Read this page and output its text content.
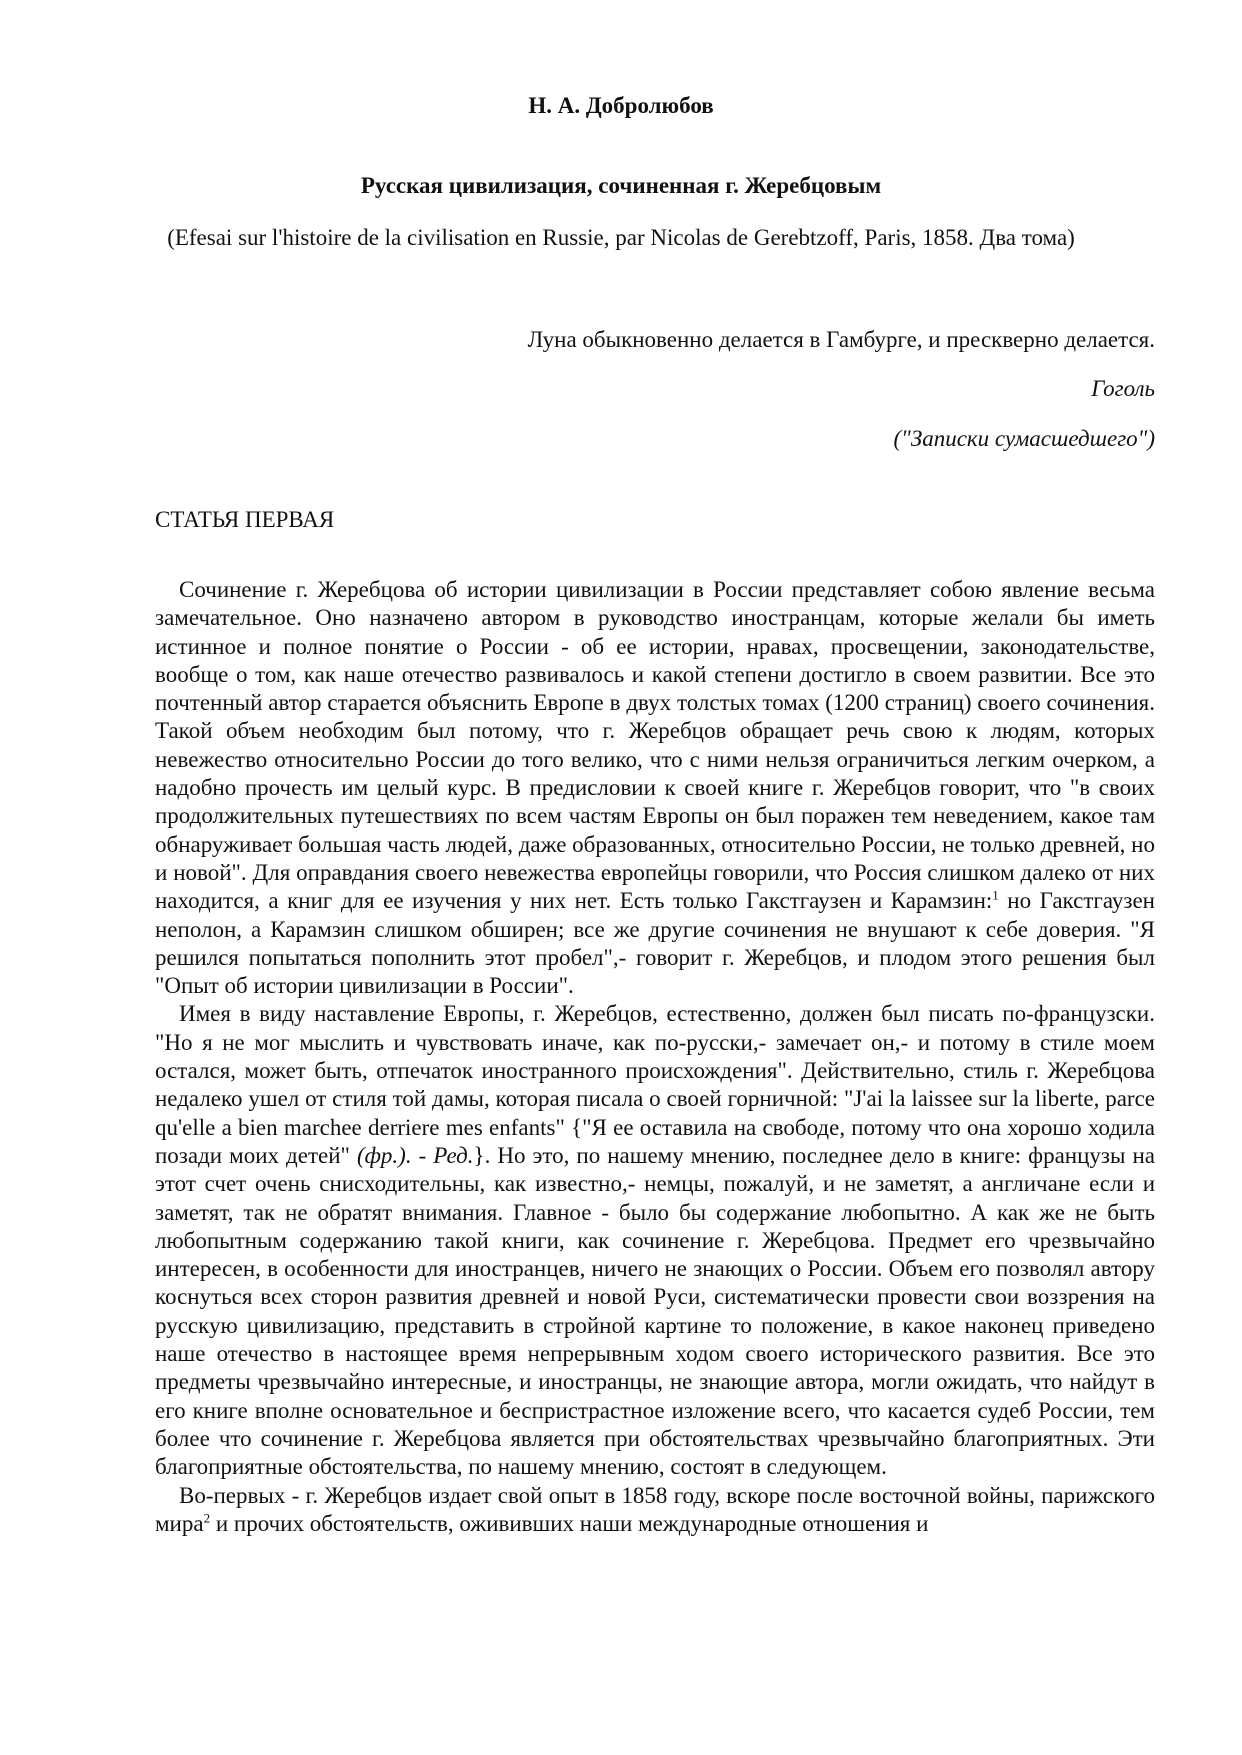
Н. А. Добролюбов

Русская цивилизация, сочиненная г. Жеребцовым

(Efesai sur l'histoire de la civilisation en Russie, par Nicolas de Gerebtzoff, Paris, 1858. Два тома)

Луна обыкновенно делается в Гамбурге, и прескверно делается.

Гоголь

("Записки сумасшедшего")

СТАТЬЯ ПЕРВАЯ

Сочинение г. Жеребцова об истории цивилизации в России представляет собою явление весьма замечательное. Оно назначено автором в руководство иностранцам, которые желали бы иметь истинное и полное понятие о России - об ее истории, нравах, просвещении, законодательстве, вообще о том, как наше отечество развивалось и какой степени достигло в своем развитии. Все это почтенный автор старается объяснить Европе в двух толстых томах (1200 страниц) своего сочинения. Такой объем необходим был потому, что г. Жеребцов обращает речь свою к людям, которых невежество относительно России до того велико, что с ними нельзя ограничиться легким очерком, а надобно прочесть им целый курс. В предисловии к своей книге г. Жеребцов говорит, что "в своих продолжительных путешествиях по всем частям Европы он был поражен тем неведением, какое там обнаруживает большая часть людей, даже образованных, относительно России, не только древней, но и новой". Для оправдания своего невежества европейцы говорили, что Россия слишком далеко от них находится, а книг для ее изучения у них нет. Есть только Гакстгаузен и Карамзин:$^1$ но Гакстгаузен неполон, а Карамзин слишком обширен; все же другие сочинения не внушают к себе доверия. "Я решился попытаться пополнить этот пробел",- говорит г. Жеребцов, и плодом этого решения был "Опыт об истории цивилизации в России".

Имея в виду наставление Европы, г. Жеребцов, естественно, должен был писать по-французски. "Но я не мог мыслить и чувствовать иначе, как по-русски,- замечает он,- и потому в стиле моем остался, может быть, отпечаток иностранного происхождения". Действительно, стиль г. Жеребцова недалеко ушел от стиля той дамы, которая писала о своей горничной: "J'ai la laissee sur la liberte, parce qu'elle a bien marchee derriere mes enfants" {"Я ее оставила на свободе, потому что она хорошо ходила позади моих детей" (фр.). - Ред.}. Но это, по нашему мнению, последнее дело в книге: французы на этот счет очень снисходительны, как известно,- немцы, пожалуй, и не заметят, а англичане если и заметят, так не обратят внимания. Главное - было бы содержание любопытно. А как же не быть любопытным содержанию такой книги, как сочинение г. Жеребцова. Предмет его чрезвычайно интересен, в особенности для иностранцев, ничего не знающих о России. Объем его позволял автору коснуться всех сторон развития древней и новой Руси, систематически провести свои воззрения на русскую цивилизацию, представить в стройной картине то положение, в какое наконец приведено наше отечество в настоящее время непрерывным ходом своего исторического развития. Все это предметы чрезвычайно интересные, и иностранцы, не знающие автора, могли ожидать, что найдут в его книге вполне основательное и беспристрастное изложение всего, что касается судеб России, тем более что сочинение г. Жеребцова является при обстоятельствах чрезвычайно благоприятных. Эти благоприятные обстоятельства, по нашему мнению, состоят в следующем.

Во-первых - г. Жеребцов издает свой опыт в 1858 году, вскоре после восточной войны, парижского мира$^2$ и прочих обстоятельств, ожививших наши международные отношения и
